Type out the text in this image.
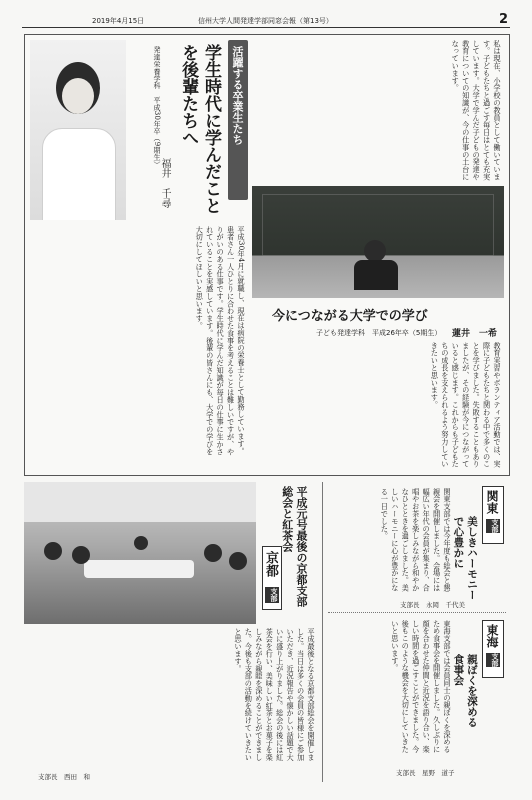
2019年4月15日	信州大学人間発達学部同窓会報（第13号）	2
活躍する卒業生たち	私は現在、小学校の教員として働いています。子どもたちと過ごす毎日はとても充実しています。大学で学んだ子どもの発達や教育についての知識が、今の仕事の土台になっています。
今につながる大学での学び
子ども発達学科　平成26年卒（5期生） 蓮井　一希
教育実習やボランティア活動では、実際に子どもたちと関わる中で多くのことを学びました。失敗することもありましたが、その経験が今につながっていると感じます。これからも子どもたちの成長を支えられるよう努力していきたいと思います。
学生時代に学んだことを後輩たちへ
発達栄養学科　平成30年卒（9期生）
福井　千尋
平成30年4月に就職し、現在は病院の栄養士として勤務しています。患者さん一人ひとりに合わせた食事を考えることは難しいですが、やりがいのある仕事です。学生時代に学んだ知識が毎日の仕事に生かされていることを実感しています。後輩の皆さんにも、大学での学びを大切にしてほしいと思います。
京都
支部	平成元号最後の京都支部総会と紅茶会
平成最後となる京都支部総会を開催しました。当日は多くの会員の皆様にご参加いただき、近況報告や懐かしい話題で大いに盛り上がりました。総会の後には紅茶会を行い、美味しい紅茶とお菓子を楽しみながら親睦を深めることができました。今後も支部の活動を続けていきたいと思います。
支部長　西田　和
関東
支部
美しきハーモニーで心豊かに
関東支部では今年度も総会と懇親会を開催しました。会場には幅広い年代の会員が集まり、合唱やお茶を楽しみながら和やかなひとときを過ごしました。美しいハーモニーに心が豊かになる一日でした。
支部長　永岡　千代美
東海
支部
親ぼくを深める食事会
東海支部では会員同士の親ぼくを深めるため食事会を開催しました。久しぶりに顔を合わせた仲間と近況を語り合い、楽しい時間を過ごすことができました。今後もこのような機会を大切にしていきたいと思います。
支部長　星野　道子
